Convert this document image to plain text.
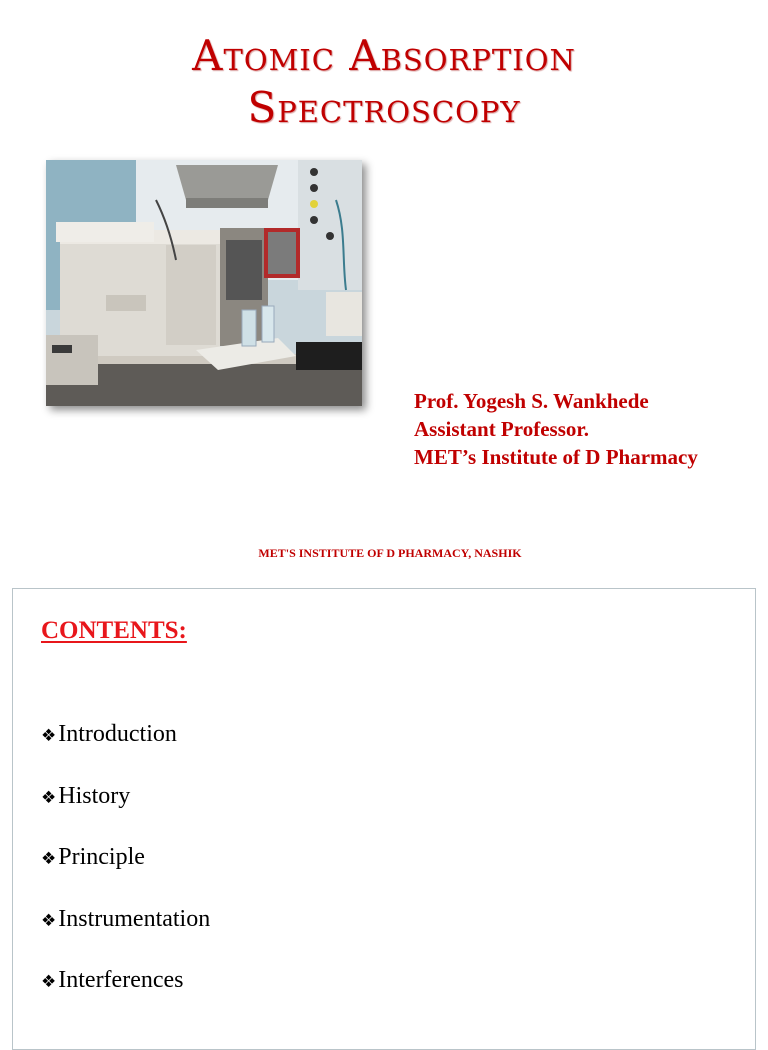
Atomic Absorption
Spectroscopy
Prof. Yogesh S. Wankhede
Assistant Professor.
MET’s Institute of D Pharmacy
MET'S INSTITUTE OF D PHARMACY, NASHIK
CONTENTS:
❖Introduction
❖History
❖Principle
❖Instrumentation
❖Interferences
